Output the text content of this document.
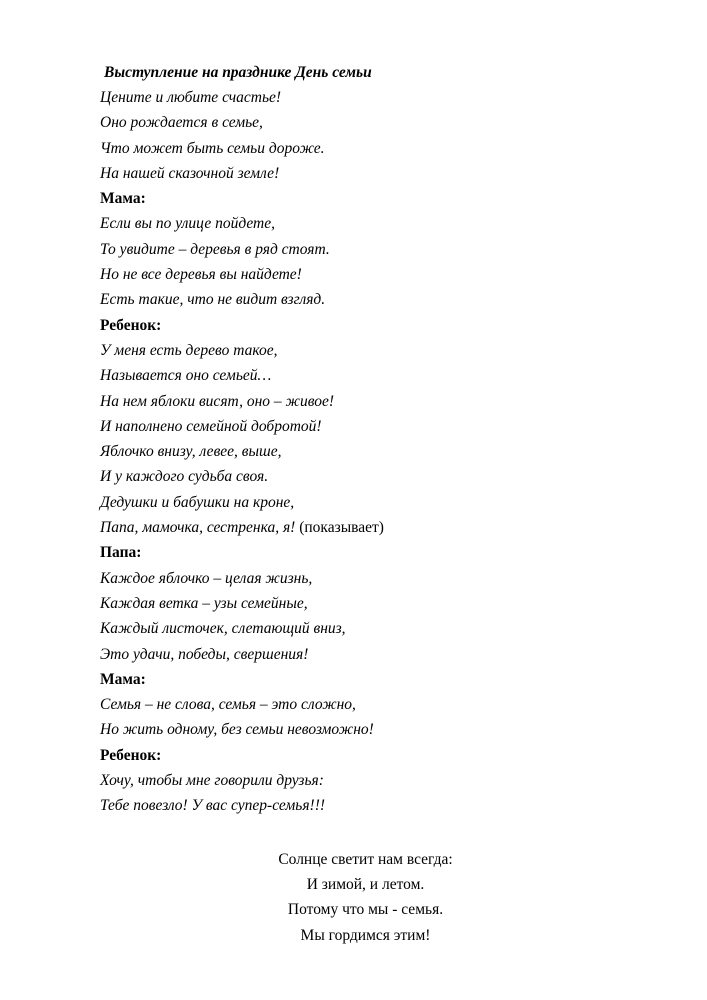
Выступление на празднике День семьи
Цените и любите счастье!
Оно рождается в семье,
Что может быть семьи дороже.
На нашей сказочной земле!
Мама:
Если вы по улице пойдете,
То увидите – деревья в ряд стоят.
Но не все деревья вы найдете!
Есть такие, что не видит взгляд.
Ребенок:
У меня есть дерево такое,
Называется оно семьей…
На нем яблоки висят, оно – живое!
И наполнено семейной добротой!
Яблочко внизу, левее, выше,
И у каждого судьба своя.
Дедушки и бабушки на кроне,
Папа, мамочка, сестренка, я! (показывает)
Папа:
Каждое яблочко – целая жизнь,
Каждая ветка – узы семейные,
Каждый листочек, слетающий вниз,
Это удачи, победы, свершения!
Мама:
Семья – не слова, семья – это сложно,
Но жить одному, без семьи невозможно!
Ребенок:
Хочу, чтобы мне говорили друзья:
Тебе повезло! У вас супер-семья!!!
Солнце светит нам всегда:
И зимой, и летом.
Потому что мы - семья.
Мы гордимся этим!
